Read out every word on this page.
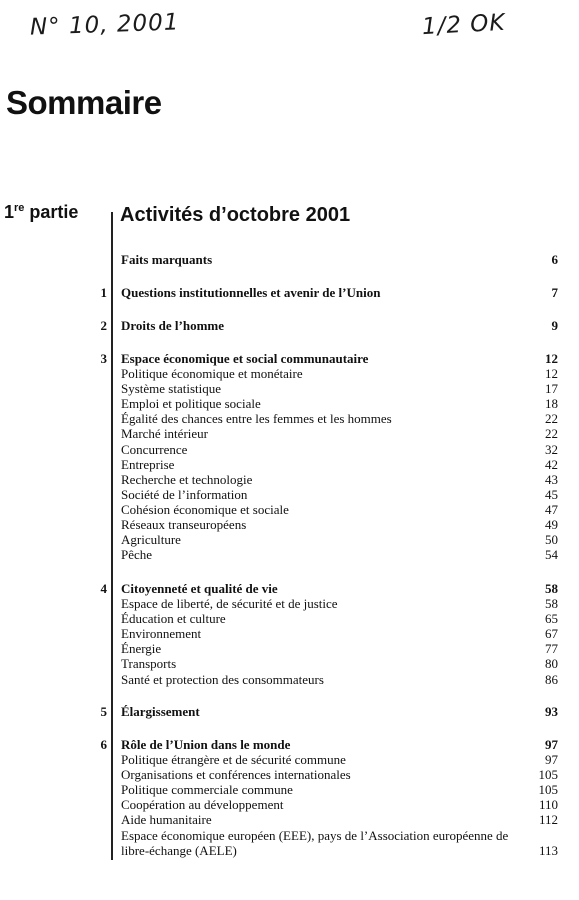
N° 10, 2001	1/2 OK
Sommaire
1re partie Activités d’octobre 2001
Faits marquants	6
1 Questions institutionnelles et avenir de l’Union	7
2 Droits de l’homme	9
3 Espace économique et social communautaire	12
Politique économique et monétaire	12
Système statistique	17
Emploi et politique sociale	18
Égalité des chances entre les femmes et les hommes	22
Marché intérieur	22
Concurrence	32
Entreprise	42
Recherche et technologie	43
Société de l’information	45
Cohésion économique et sociale	47
Réseaux transeuropéens	49
Agriculture	50
Pêche	54
4 Citoyenneté et qualité de vie	58
Espace de liberté, de sécurité et de justice	58
Éducation et culture	65
Environnement	67
Énergie	77
Transports	80
Santé et protection des consommateurs	86
5 Élargissement	93
6 Rôle de l’Union dans le monde	97
Politique étrangère et de sécurité commune	97
Organisations et conférences internationales	105
Politique commerciale commune	105
Coopération au développement	110
Aide humanitaire	112
Espace économique européen (EEE), pays de l’Association européenne de libre-échange (AELE)	113
